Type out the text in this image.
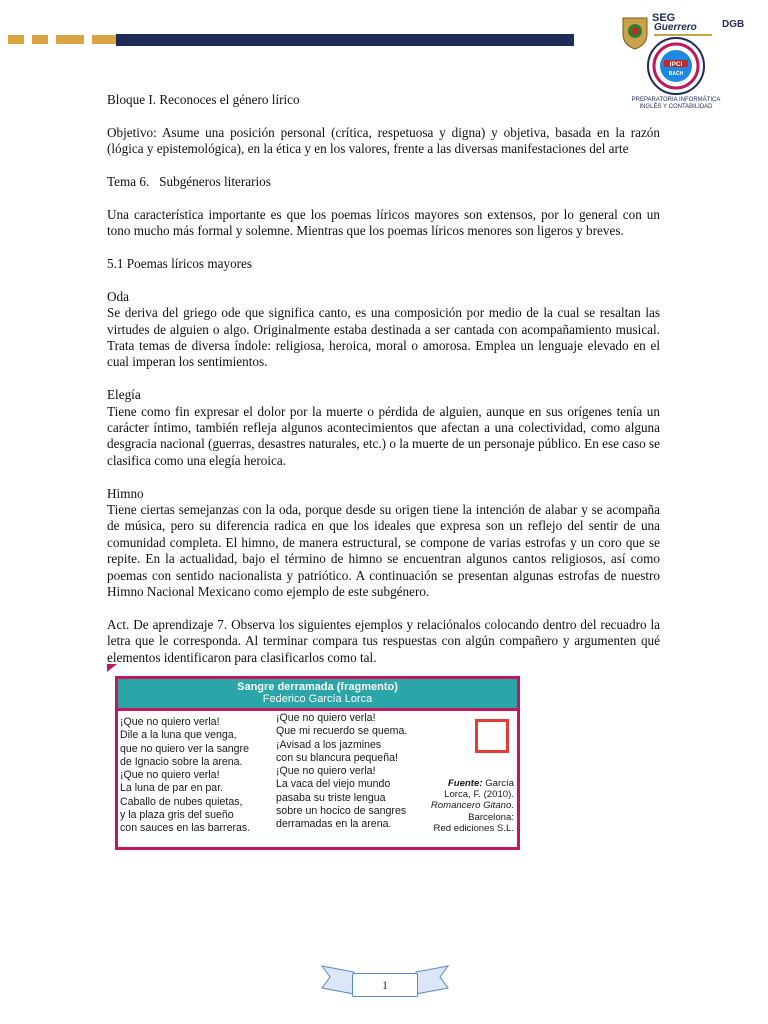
SEG
Guerrero	DGB
IPCI
BACH
PREPARATORIA INFORMÁTICA INGLÉS Y CONTABILIDAD

Bloque I. Reconoces el género lírico

Objetivo: Asume una posición personal (crítica, respetuosa y digna) y objetiva, basada en la razón (lógica y epistemológica), en la ética y en los valores, frente a las diversas manifestaciones del arte

Tema 6.   Subgéneros literarios

Una característica importante es que los poemas líricos mayores son extensos, por lo general con un tono mucho más formal y solemne. Mientras que los poemas líricos menores son ligeros y breves.

5.1 Poemas líricos mayores

Oda

Se deriva del griego ode que significa canto, es una composición por medio de la cual se resaltan las virtudes de alguien o algo. Originalmente estaba destinada a ser cantada con acompañamiento musical. Trata temas de diversa índole: religiosa, heroica, moral o amorosa. Emplea un lenguaje elevado en el cual imperan los sentimientos.

Elegía

Tiene como fin expresar el dolor por la muerte o pérdida de alguien, aunque en sus orígenes tenía un carácter íntimo, también refleja algunos acontecimientos que afectan a una colectividad, como alguna desgracia nacional (guerras, desastres naturales, etc.) o la muerte de un personaje público. En ese caso se clasifica como una elegía heroica.

Himno

Tiene ciertas semejanzas con la oda, porque desde su origen tiene la intención de alabar y se acompaña de música, pero su diferencia radica en que los ideales que expresa son un reflejo del sentir de una comunidad completa. El himno, de manera estructural, se compone de varias estrofas y un coro que se repite. En la actualidad, bajo el término de himno se encuentran algunos cantos religiosos, así como poemas con sentido nacionalista y patriótico. A continuación se presentan algunas estrofas de nuestro Himno Nacional Mexicano como ejemplo de este subgénero.

Act. De aprendizaje 7. Observa los siguientes ejemplos y relaciónalos colocando dentro del recuadro la letra que le corresponda. Al terminar compara tus respuestas con algún compañero y argumenten qué elementos identificaron para clasificarlos como tal.

Sangre derramada (fragmento)
Federico García Lorca
¡Que no quiero verla!
Dile a la luna que venga,
que no quiero ver la sangre
de Ignacio sobre la arena.
¡Que no quiero verla!
La luna de par en par.
Caballo de nubes quietas,
y la plaza gris del sueño
con sauces en las barreras.
¡Que no quiero verla!
Que mi recuerdo se quema.
¡Avisad a los jazmines
con su blancura pequeña!
¡Que no quiero verla!
La vaca del viejo mundo
pasaba su triste lengua
sobre un hocico de sangres
derramadas en la arena.
Fuente: García
Lorca, F. (2010).
Romancero Gitano.
Barcelona:
Red ediciones S.L.
1
